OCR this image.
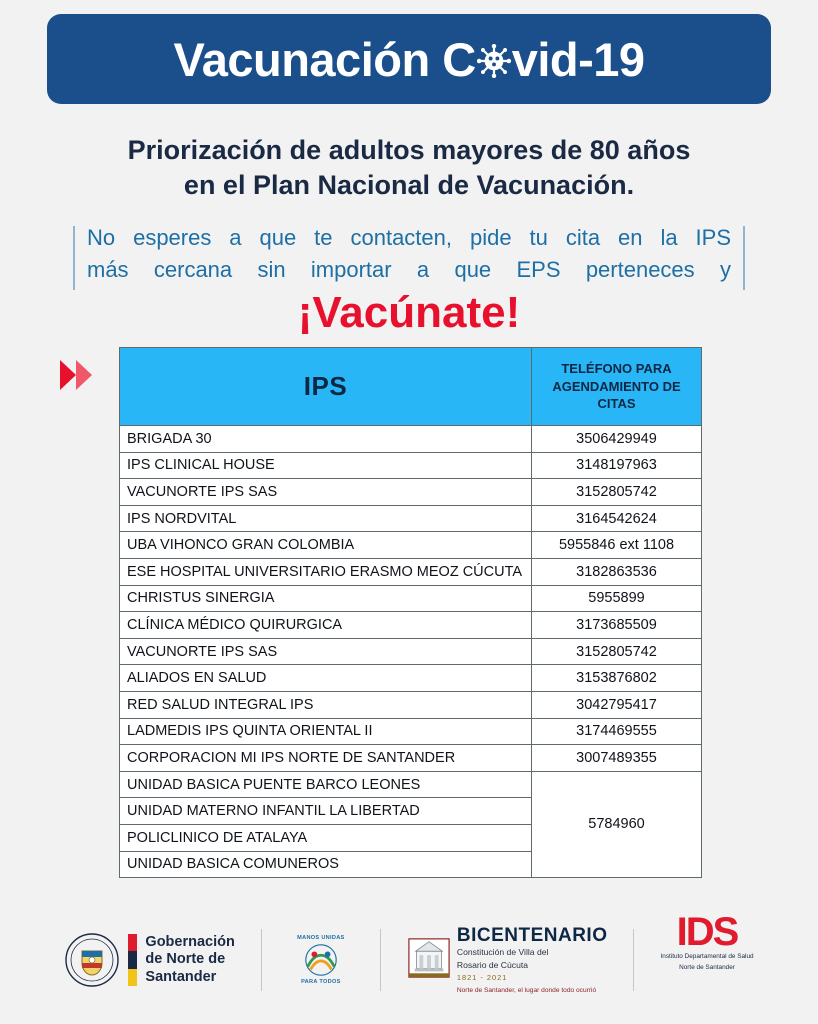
Vacunación C vid-19
Priorización de adultos mayores de 80 años
en el Plan Nacional de Vacunación.
No esperes a que te contacten, pide tu cita en la IPS
más cercana sin importar a que EPS perteneces y
¡Vacúnate!
IPS	TELÉFONO PARA AGENDAMIENTO DE CITAS
BRIGADA 30	3506429949
IPS CLINICAL HOUSE	3148197963
VACUNORTE IPS SAS	3152805742
IPS NORDVITAL	3164542624
UBA VIHONCO GRAN COLOMBIA	5955846 ext 1108
ESE HOSPITAL UNIVERSITARIO ERASMO MEOZ CÚCUTA	3182863536
CHRISTUS SINERGIA	5955899
CLÍNICA MÉDICO QUIRURGICA	3173685509
VACUNORTE IPS SAS	3152805742
ALIADOS EN SALUD	3153876802
RED SALUD INTEGRAL IPS	3042795417
LADMEDIS IPS QUINTA ORIENTAL II	3174469555
CORPORACION MI IPS NORTE DE SANTANDER	3007489355
UNIDAD BASICA PUENTE BARCO LEONES	5784960
UNIDAD MATERNO INFANTIL LA LIBERTAD	
POLICLINICO DE ATALAYA	
UNIDAD BASICA COMUNEROS	
Gobernación
de Norte de
Santander
MANOS UNIDAS
PARA TODOS
BICENTENARIO
Constitución de Villa del
Rosario de Cúcuta
1821 - 2021
Norte de Santander, el lugar donde todo ocurrió
IDS
Instituto Departamental de Salud
Norte de Santander
